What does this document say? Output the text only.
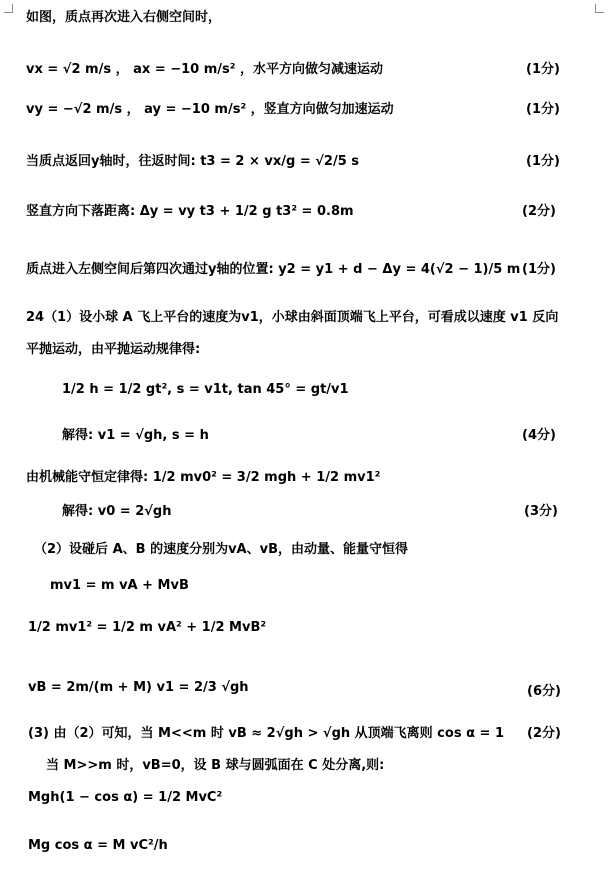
如图，质点再次进入右侧空间时，
vx = √2 m/s ， ax = −10 m/s² ，水平方向做匀减速运动	(1分)
vy = −√2 m/s ， ay = −10 m/s² ，竖直方向做匀加速运动	(1分)
当质点返回y轴时，往返时间: t3 = 2 × vx/g = √2/5 s	(1分)
竖直方向下落距离: Δy = vy t3 + 1/2 g t3² = 0.8m	(2分)
质点进入左侧空间后第四次通过y轴的位置: y2 = y1 + d − Δy = 4(√2 − 1)/5 m (1分)
24（1）设小球 A 飞上平台的速度为v1，小球由斜面顶端飞上平台，可看成以速度 v1 反向
平抛运动，由平抛运动规律得:
1/2 h = 1/2 gt², s = v1t, tan 45° = gt/v1
解得: v1 = √gh, s = h	(4分)
由机械能守恒定律得: 1/2 mv0² = 3/2 mgh + 1/2 mv1²
解得: v0 = 2√gh	(3分)
（2）设碰后 A、B 的速度分别为vA、vB，由动量、能量守恒得
mv1 = m vA + MvB
1/2 mv1² = 1/2 m vA² + 1/2 MvB²
vB = 2m/(m + M) v1 = 2/3 √gh	(6分)
(3) 由（2）可知，当 M<<m 时 vB ≈ 2√gh > √gh 从顶端飞离则 cos α = 1 (2分)
当 M>>m 时，vB=0，设 B 球与圆弧面在 C 处分离,则:
Mgh(1 − cos α) = 1/2 MvC²
Mg cos α = M vC²/h
